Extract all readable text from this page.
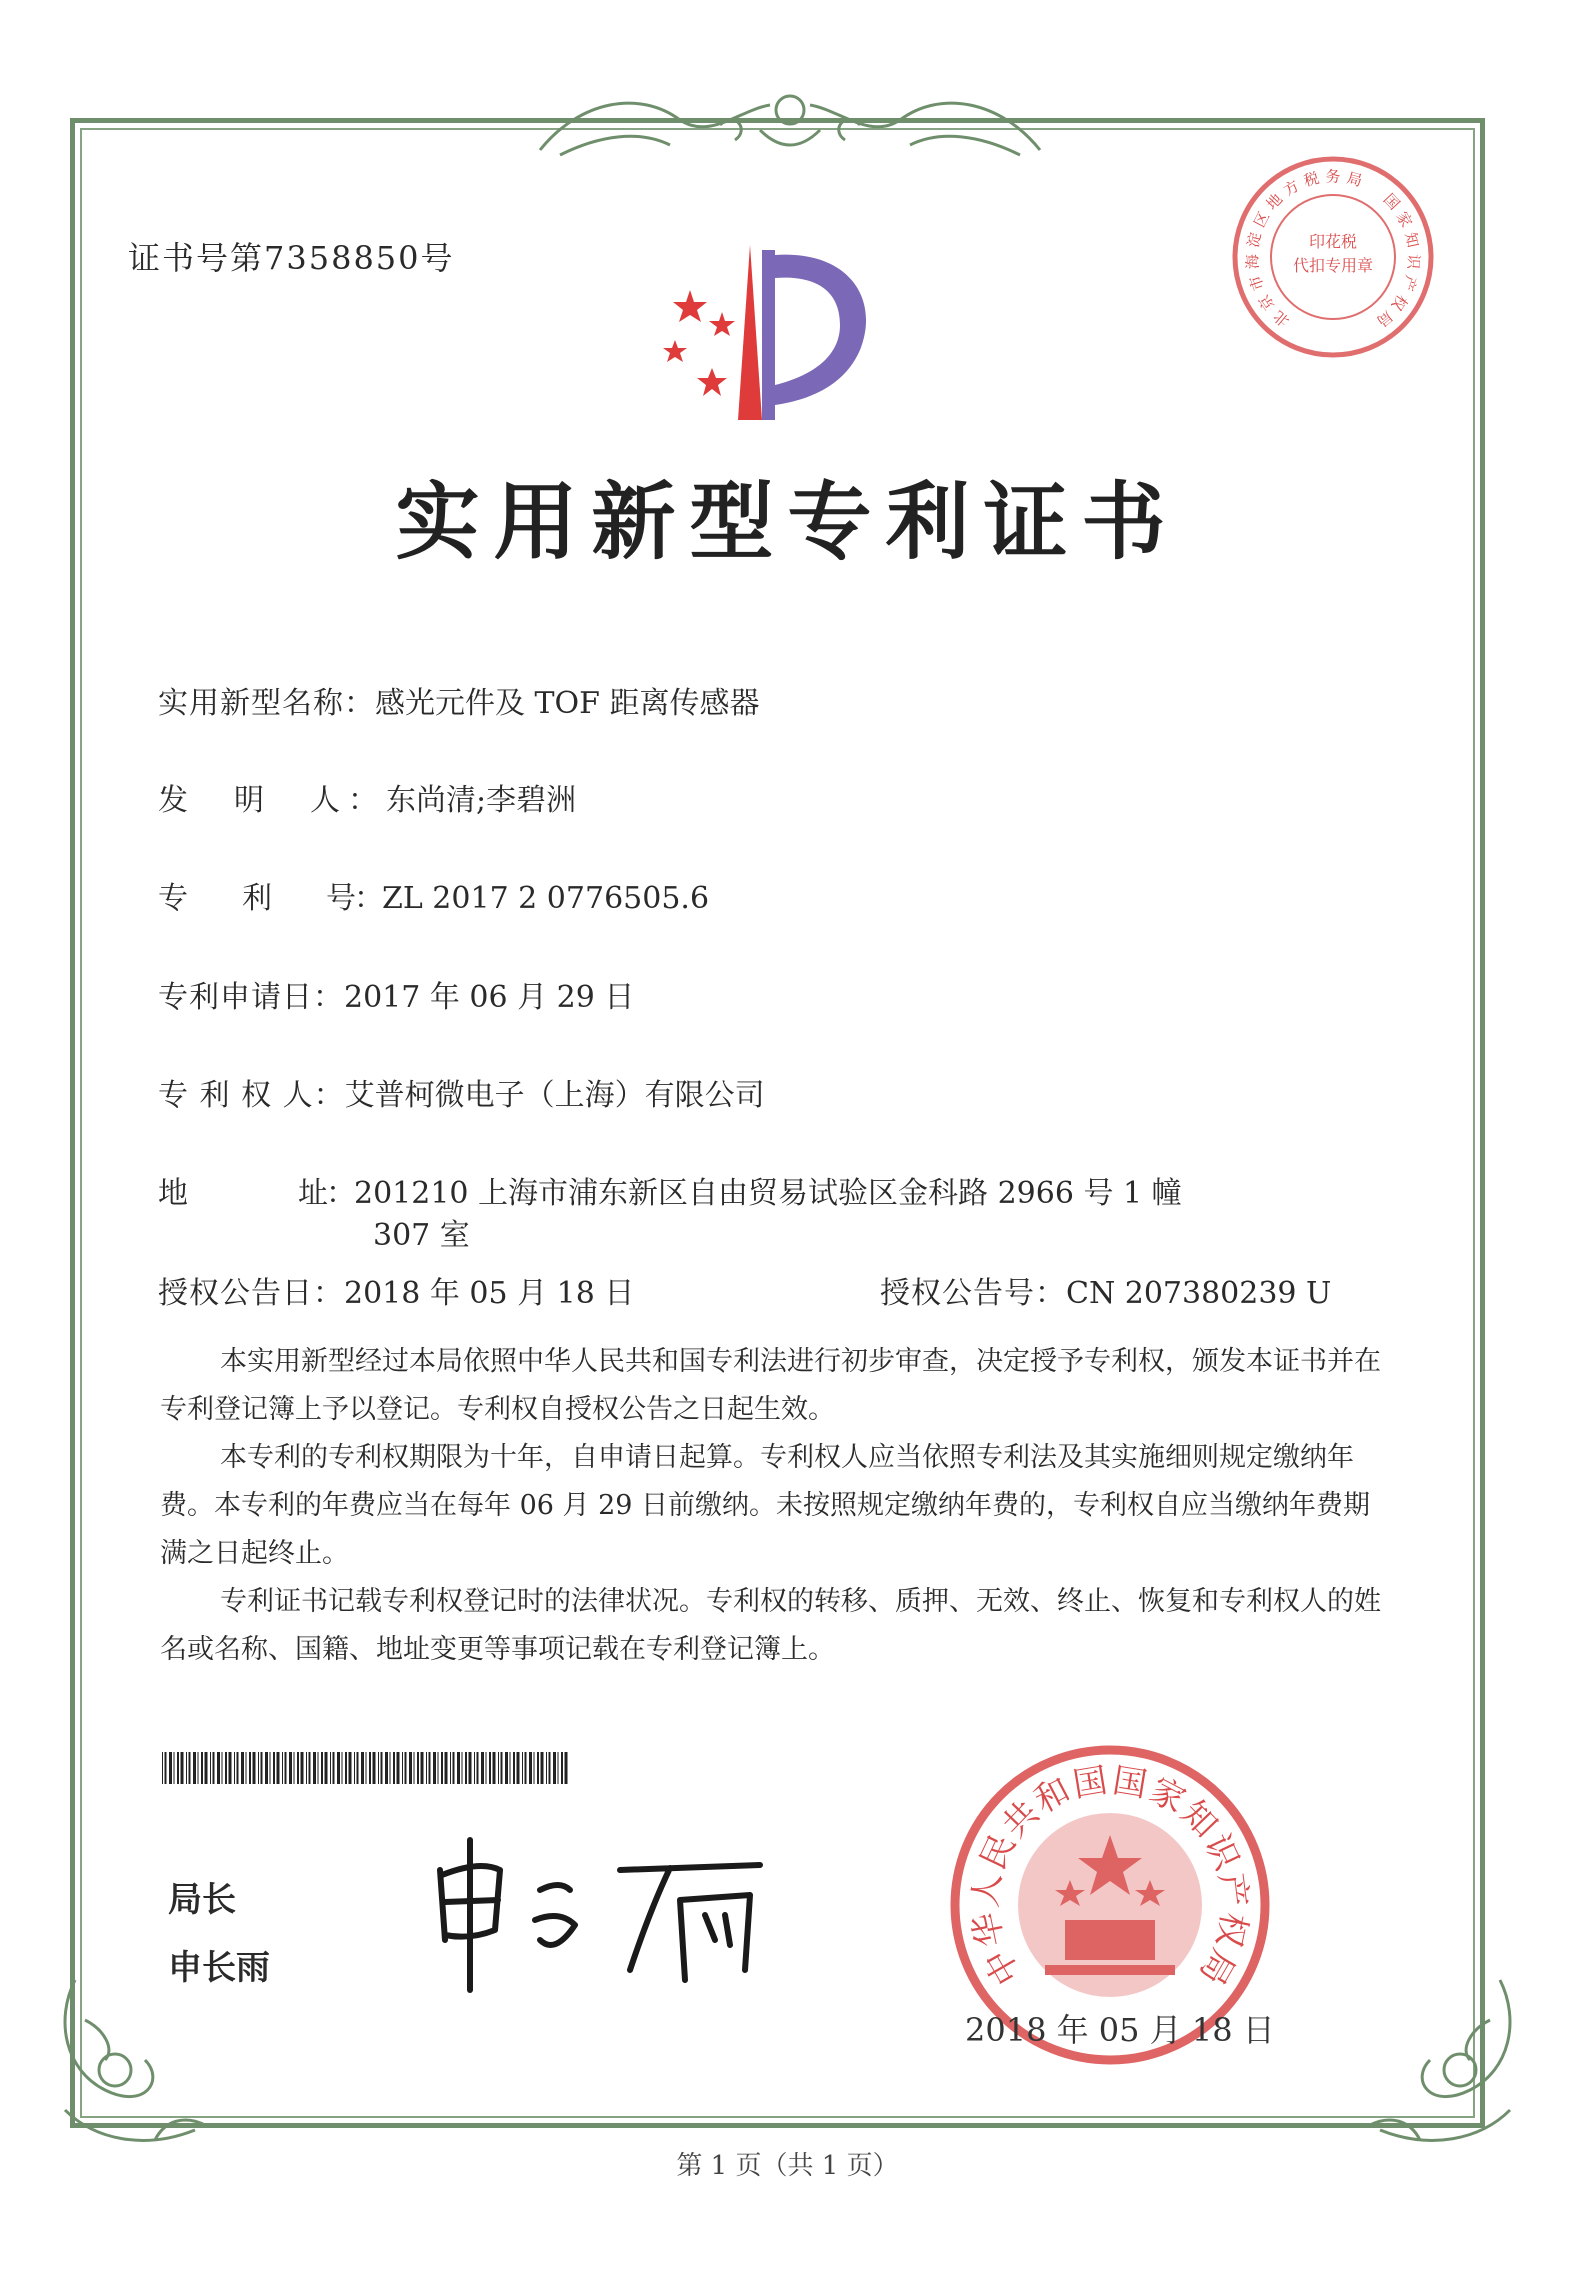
证书号第7358850号
实用新型专利证书
实用新型名称：感光元件及 TOF 距离传感器
发　明　人：东尚清;李碧洲
专　　利　　号：ZL 2017 2 0776505.6
专利申请日：2017 年 06 月 29 日
专 利 权 人：艾普柯微电子（上海）有限公司
地　　　　址：201210 上海市浦东新区自由贸易试验区金科路 2966 号 1 幢
307 室
授权公告日：2018 年 05 月 18 日	授权公告号：CN 207380239 U

本实用新型经过本局依照中华人民共和国专利法进行初步审查，决定授予专利权，颁发本证书并在专利登记簿上予以登记。专利权自授权公告之日起生效。

本专利的专利权期限为十年，自申请日起算。专利权人应当依照专利法及其实施细则规定缴纳年费。本专利的年费应当在每年 06 月 29 日前缴纳。未按照规定缴纳年费的，专利权自应当缴纳年费期满之日起终止。

专利证书记载专利权登记时的法律状况。专利权的转移、质押、无效、终止、恢复和专利权人的姓名或名称、国籍、地址变更等事项记载在专利登记簿上。

局长
申长雨	中
华
人
民
共
和
国 国
家
知
识
产
权
局
2018 年 05 月 18 日
北
京
市
海
淀
区
地
方 税 务 局
国
家
知
识
产
权
局
印花税
代扣专用章
第 1 页（共 1 页）
